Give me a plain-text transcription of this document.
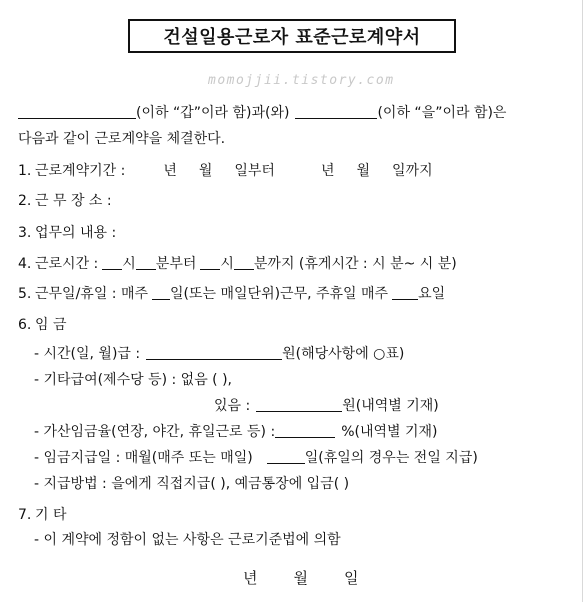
건설일용근로자 표준근로계약서
momojjii.tistory.com
(이하 “갑”이라 함)과(와)	(이하 “을”이라 함)은
다음과 같이 근로계약을 체결한다.
1. 근로계약기간 :	년 월 일부터	년 월 일까지
2. 근 무 장 소 :
3. 업무의 내용 :
4. 근로시간 : 시 분부터 시 분까지 (휴게시간 : 시 분~ 시 분)
5. 근무일/휴일 : 매주 일(또는 매일단위)근무, 주휴일 매주 요일
6. 임 금
- 시간(일, 월)급 :	원(해당사항에 ○표)
- 기타급여(제수당 등) : 없음 ( ),
있음 :	원(내역별 기재)
- 가산임금율(연장, 야간, 휴일근로 등) :	%(내역별 기재)
- 임금지급일 : 매월(매주 또는 매일)	일(휴일의 경우는 전일 지급)
- 지급방법 : 을에게 직접지급( ), 예금통장에 입금( )
7. 기 타
- 이 계약에 정함이 없는 사항은 근로기준법에 의함
년 월 일
